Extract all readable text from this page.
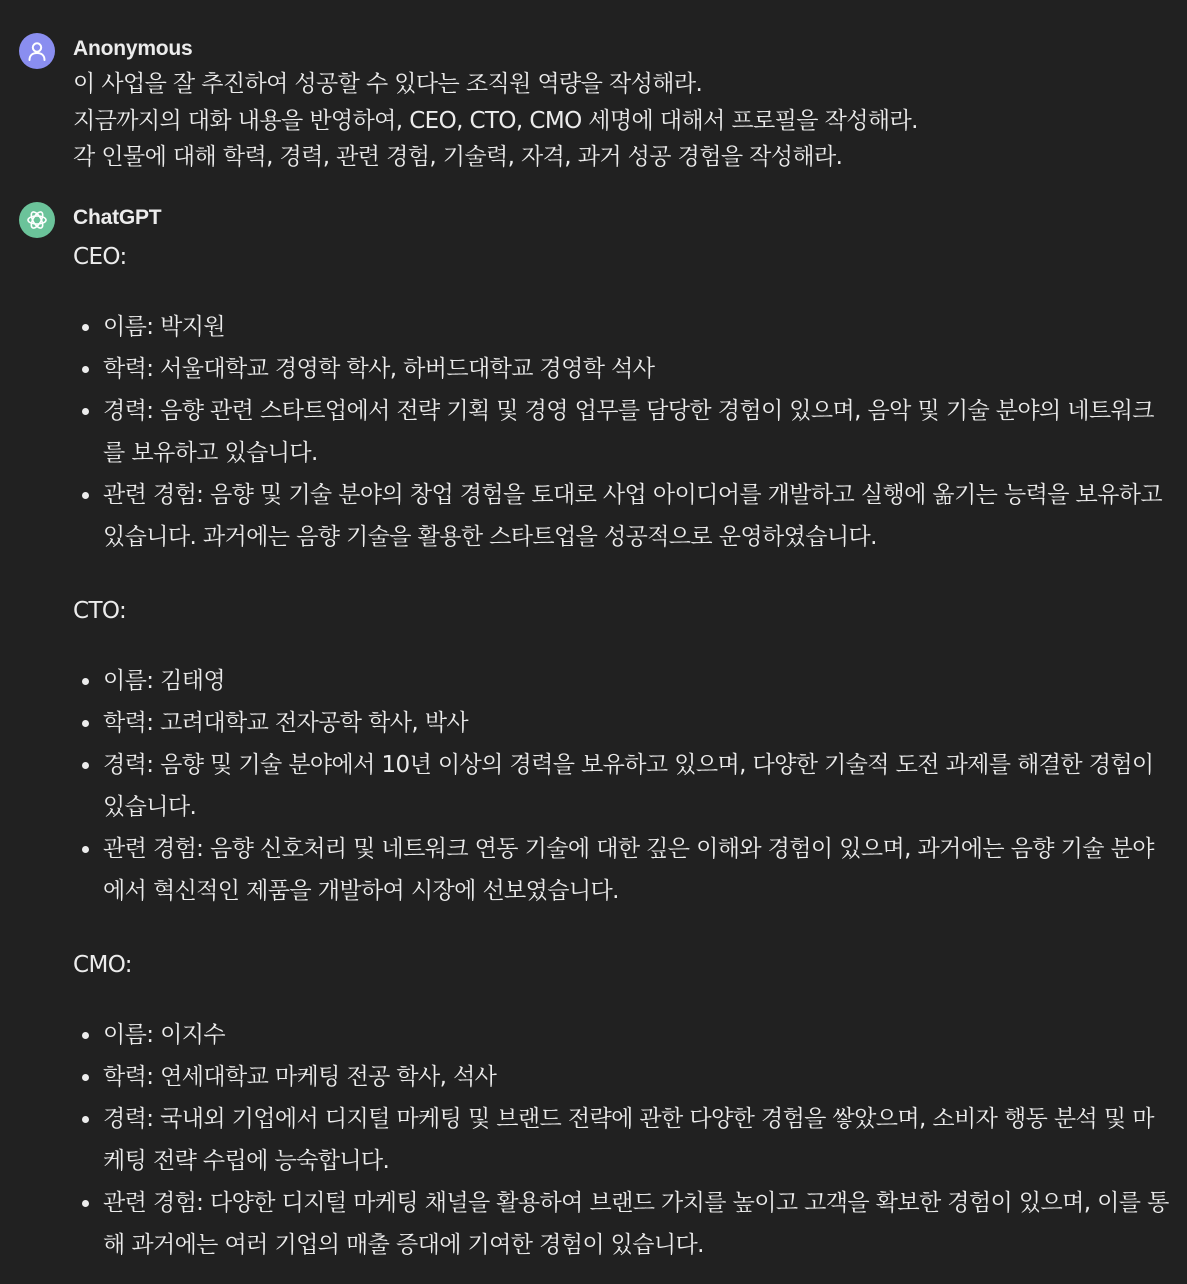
Anonymous
이 사업을 잘 추진하여 성공할 수 있다는 조직원 역량을 작성해라.
지금까지의 대화 내용을 반영하여, CEO, CTO, CMO 세명에 대해서 프로필을 작성해라.
각 인물에 대해 학력, 경력, 관련 경험, 기술력, 자격, 과거 성공 경험을 작성해라.
ChatGPT
CEO:
이름: 박지원
학력: 서울대학교 경영학 학사, 하버드대학교 경영학 석사
경력: 음향 관련 스타트업에서 전략 기획 및 경영 업무를 담당한 경험이 있으며, 음악 및 기술 분야의 네트워크를 보유하고 있습니다.
관련 경험: 음향 및 기술 분야의 창업 경험을 토대로 사업 아이디어를 개발하고 실행에 옮기는 능력을 보유하고 있습니다. 과거에는 음향 기술을 활용한 스타트업을 성공적으로 운영하였습니다.
CTO:
이름: 김태영
학력: 고려대학교 전자공학 학사, 박사
경력: 음향 및 기술 분야에서 10년 이상의 경력을 보유하고 있으며, 다양한 기술적 도전 과제를 해결한 경험이 있습니다.
관련 경험: 음향 신호처리 및 네트워크 연동 기술에 대한 깊은 이해와 경험이 있으며, 과거에는 음향 기술 분야에서 혁신적인 제품을 개발하여 시장에 선보였습니다.
CMO:
이름: 이지수
학력: 연세대학교 마케팅 전공 학사, 석사
경력: 국내외 기업에서 디지털 마케팅 및 브랜드 전략에 관한 다양한 경험을 쌓았으며, 소비자 행동 분석 및 마케팅 전략 수립에 능숙합니다.
관련 경험: 다양한 디지털 마케팅 채널을 활용하여 브랜드 가치를 높이고 고객을 확보한 경험이 있으며, 이를 통해 과거에는 여러 기업의 매출 증대에 기여한 경험이 있습니다.
